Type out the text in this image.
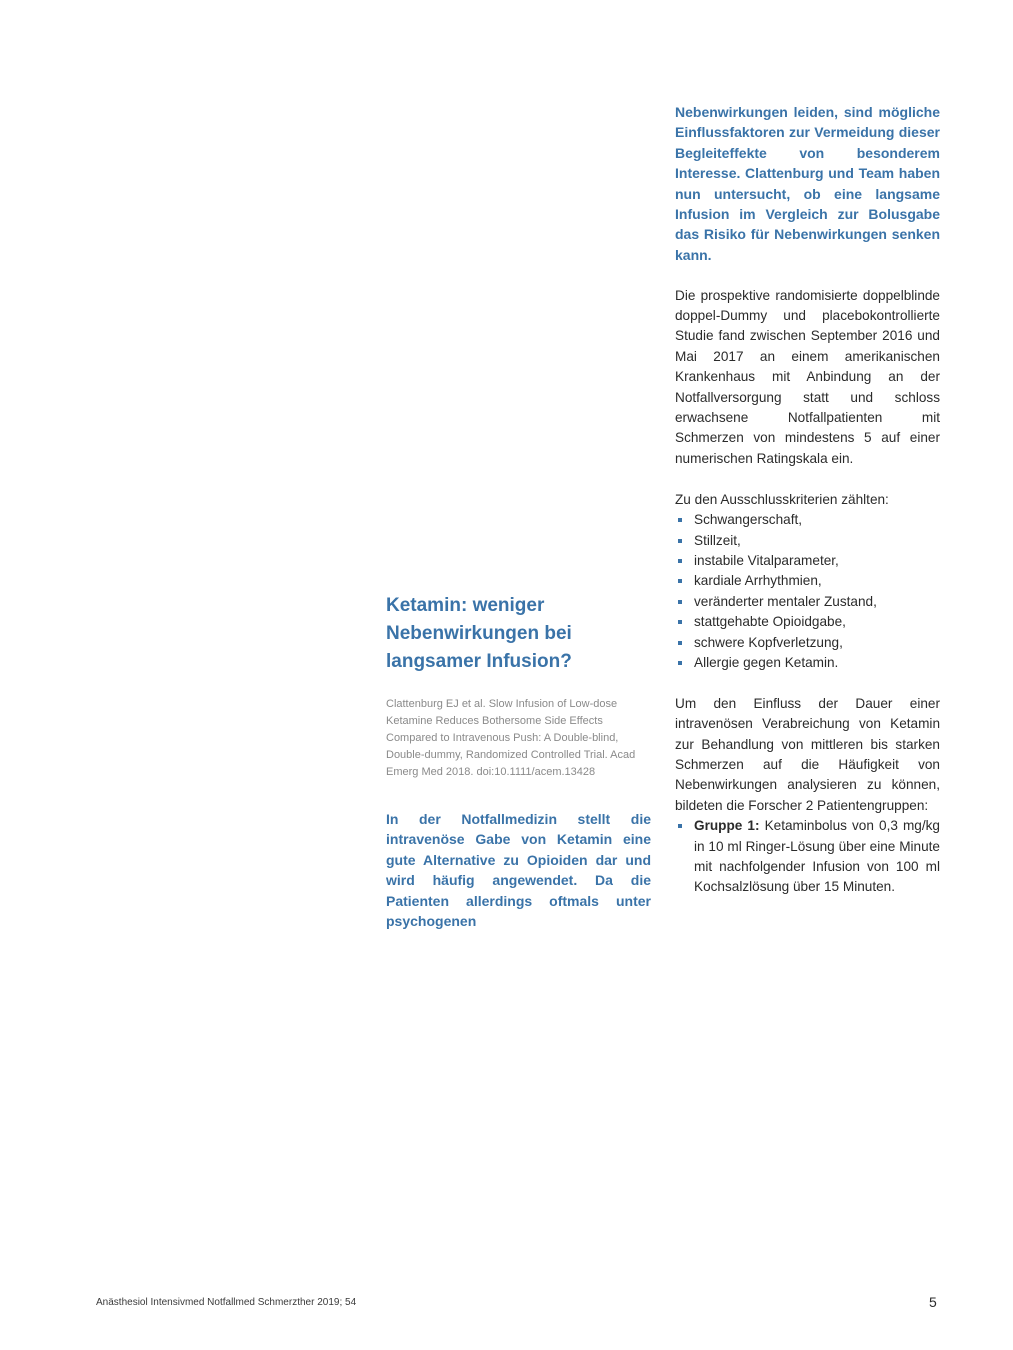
Ketamin: weniger Nebenwirkungen bei langsamer Infusion?

Clattenburg EJ et al. Slow Infusion of Low-dose Ketamine Reduces Bothersome Side Effects Compared to Intravenous Push: A Double-blind, Double-dummy, Randomized Controlled Trial. Acad Emerg Med 2018. doi:10.1111/acem.13428

In der Notfallmedizin stellt die intravenöse Gabe von Ketamin eine gute Alternative zu Opioiden dar und wird häufig angewendet. Da die Patienten allerdings oftmals unter psychogenen

Nebenwirkungen leiden, sind mögliche Einflussfaktoren zur Vermeidung dieser Begleiteffekte von besonderem Interesse. Clattenburg und Team haben nun untersucht, ob eine langsame Infusion im Vergleich zur Bolusgabe das Risiko für Nebenwirkungen senken kann.

Die prospektive randomisierte doppelblinde doppel-Dummy und placebokontrollierte Studie fand zwischen September 2016 und Mai 2017 an einem amerikanischen Krankenhaus mit Anbindung an der Notfallversorgung statt und schloss erwachsene Notfallpatienten mit Schmerzen von mindestens 5 auf einer numerischen Ratingskala ein.

Zu den Ausschlusskriterien zählten:

Schwangerschaft,
Stillzeit,
instabile Vitalparameter,
kardiale Arrhythmien,
veränderter mentaler Zustand,
stattgehabte Opioidgabe,
schwere Kopfverletzung,
Allergie gegen Ketamin.

Um den Einfluss der Dauer einer intravenösen Verabreichung von Ketamin zur Behandlung von mittleren bis starken Schmerzen auf die Häufigkeit von Nebenwirkungen analysieren zu können, bildeten die Forscher 2 Patientengruppen:

Gruppe 1: Ketaminbolus von 0,3 mg/kg in 10 ml Ringer-Lösung über eine Minute mit nachfolgender Infusion von 100 ml Kochsalzlösung über 15 Minuten.
Anästhesiol Intensivmed Notfallmed Schmerzther 2019; 54	5
